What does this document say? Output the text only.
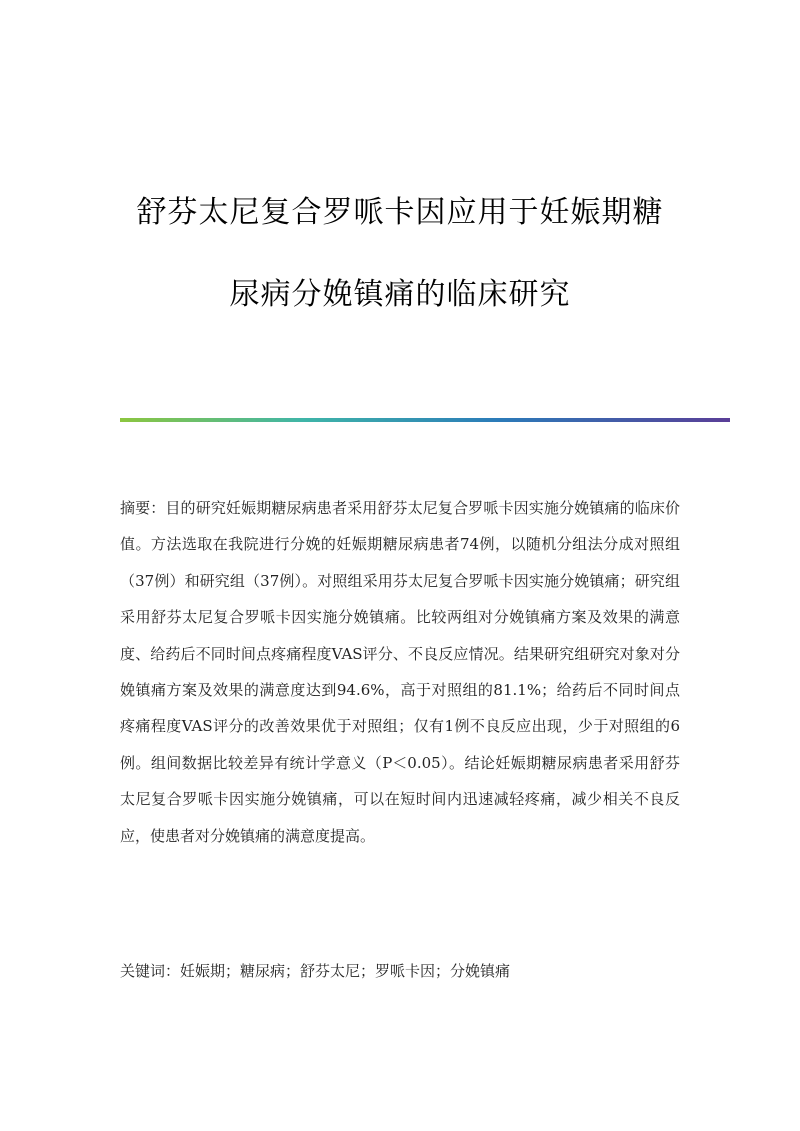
舒芬太尼复合罗哌卡因应用于妊娠期糖
尿病分娩镇痛的临床研究

摘要：目的研究妊娠期糖尿病患者采用舒芬太尼复合罗哌卡因实施分娩镇痛的临床价值。方法选取在我院进行分娩的妊娠期糖尿病患者74例，以随机分组法分成对照组（37例）和研究组（37例）。对照组采用芬太尼复合罗哌卡因实施分娩镇痛；研究组采用舒芬太尼复合罗哌卡因实施分娩镇痛。比较两组对分娩镇痛方案及效果的满意度、给药后不同时间点疼痛程度VAS评分、不良反应情况。结果研究组研究对象对分娩镇痛方案及效果的满意度达到94.6%，高于对照组的81.1%；给药后不同时间点疼痛程度VAS评分的改善效果优于对照组；仅有1例不良反应出现，少于对照组的6例。组间数据比较差异有统计学意义（P＜0.05）。结论妊娠期糖尿病患者采用舒芬太尼复合罗哌卡因实施分娩镇痛，可以在短时间内迅速减轻疼痛，减少相关不良反应，使患者对分娩镇痛的满意度提高。

关键词：妊娠期；糖尿病；舒芬太尼；罗哌卡因；分娩镇痛
